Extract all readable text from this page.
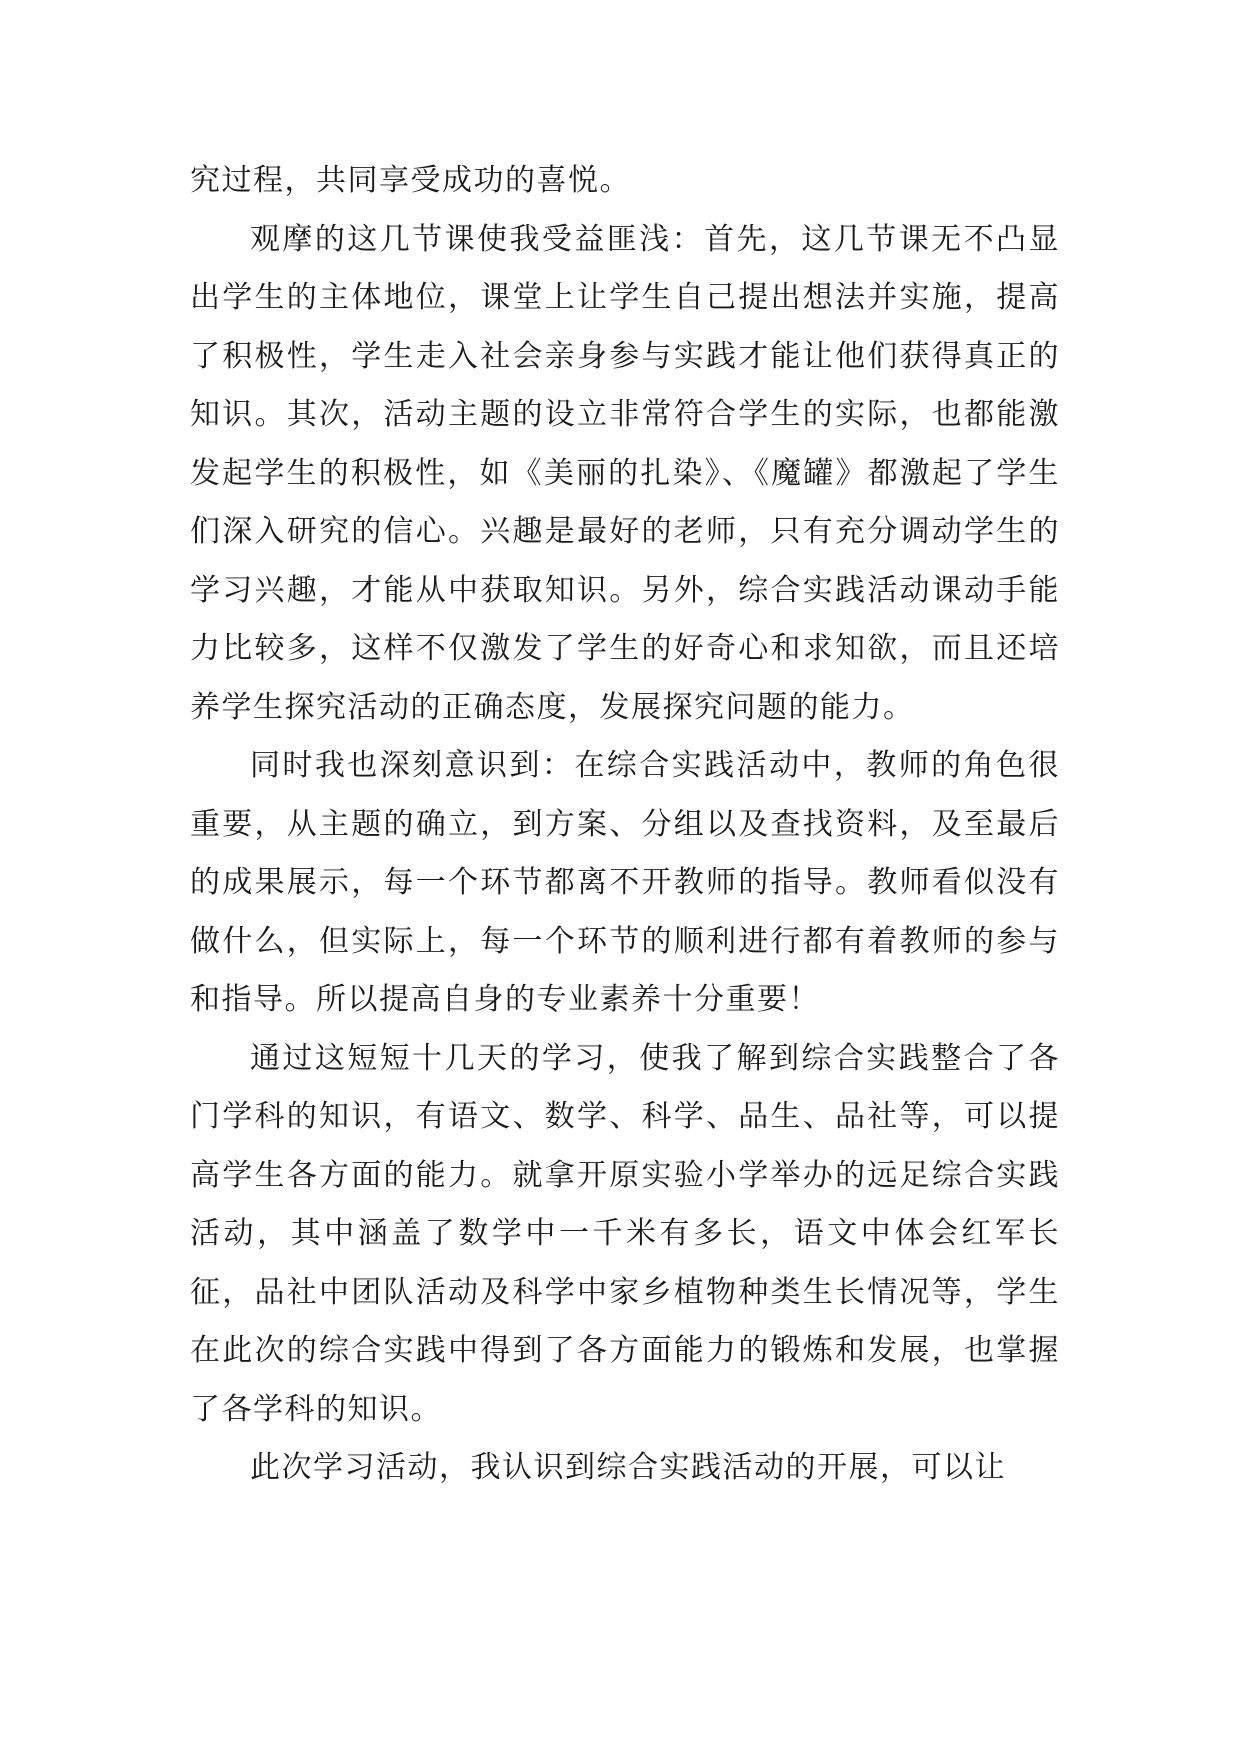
究过程，共同享受成功的喜悦。

观摩的这几节课使我受益匪浅：首先，这几节课无不凸显出学生的主体地位，课堂上让学生自己提出想法并实施，提高了积极性，学生走入社会亲身参与实践才能让他们获得真正的知识。其次，活动主题的设立非常符合学生的实际，也都能激发起学生的积极性，如《美丽的扎染》、《魔罐》都激起了学生们深入研究的信心。兴趣是最好的老师，只有充分调动学生的学习兴趣，才能从中获取知识。另外，综合实践活动课动手能力比较多，这样不仅激发了学生的好奇心和求知欲，而且还培养学生探究活动的正确态度，发展探究问题的能力。

同时我也深刻意识到：在综合实践活动中，教师的角色很重要，从主题的确立，到方案、分组以及查找资料，及至最后的成果展示，每一个环节都离不开教师的指导。教师看似没有做什么，但实际上，每一个环节的顺利进行都有着教师的参与和指导。所以提高自身的专业素养十分重要！

通过这短短十几天的学习，使我了解到综合实践整合了各门学科的知识，有语文、数学、科学、品生、品社等，可以提高学生各方面的能力。就拿开原实验小学举办的远足综合实践活动，其中涵盖了数学中一千米有多长，语文中体会红军长征，品社中团队活动及科学中家乡植物种类生长情况等，学生在此次的综合实践中得到了各方面能力的锻炼和发展，也掌握了各学科的知识。

此次学习活动，我认识到综合实践活动的开展，可以让
